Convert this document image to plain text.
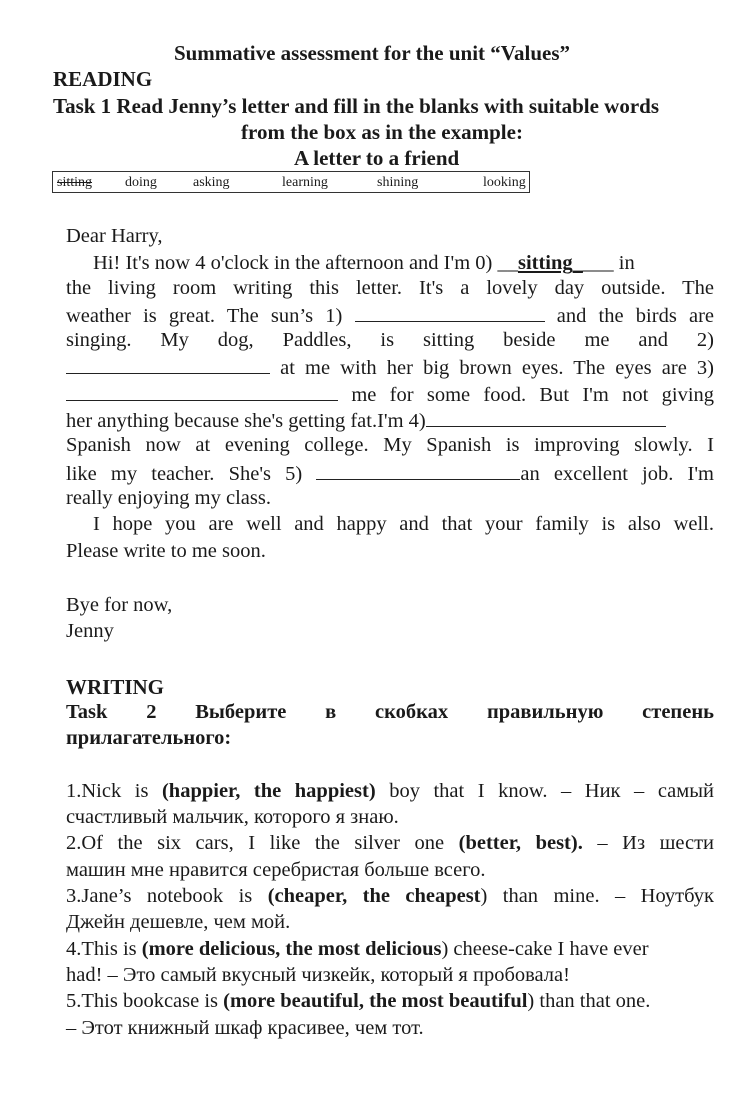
Summative assessment for the unit “Values”
READING
Task 1 Read Jenny’s letter and fill in the blanks with suitable words
from the box as in the example:
A letter to a friend
sitting doing	asking	learning	shining	looking
Dear Harry,
Hi! It's now 4 o'clock in the afternoon and I'm 0) __sitting____ in
the living room writing this letter. It's a lovely day outside. The
weather is great. The sun’s 1)	and the birds are
singing. My dog, Paddles, is sitting beside me and 2)
at me with her big brown eyes. The eyes are 3)
me for some food. But I'm not giving
her anything because she's getting fat.I'm 4)
Spanish now at evening college. My Spanish is improving slowly. I
like my teacher. She's 5)	an excellent job. I'm
really enjoying my class.
I hope you are well and happy and that your family is also well.
Please write to me soon.
Bye for now,
Jenny
WRITING
Task 2 Выберите в скобках правильную степень
прилагательного:
1.Nick is (happier, the happiest) boy that I know. – Ник – самый
счастливый мальчик, которого я знаю.
2.Of the six cars, I like the silver one (better, best). – Из шести
машин мне нравится серебристая больше всего.
3.Jane’s notebook is (cheaper, the cheapest) than mine. – Ноутбук
Джейн дешевле, чем мой.
4.This is (more delicious, the most delicious) cheese-cake I have ever
had! – Это самый вкусный чизкейк, который я пробовала!
5.This bookcase is (more beautiful, the most beautiful) than that one.
– Этот книжный шкаф красивее, чем тот.
